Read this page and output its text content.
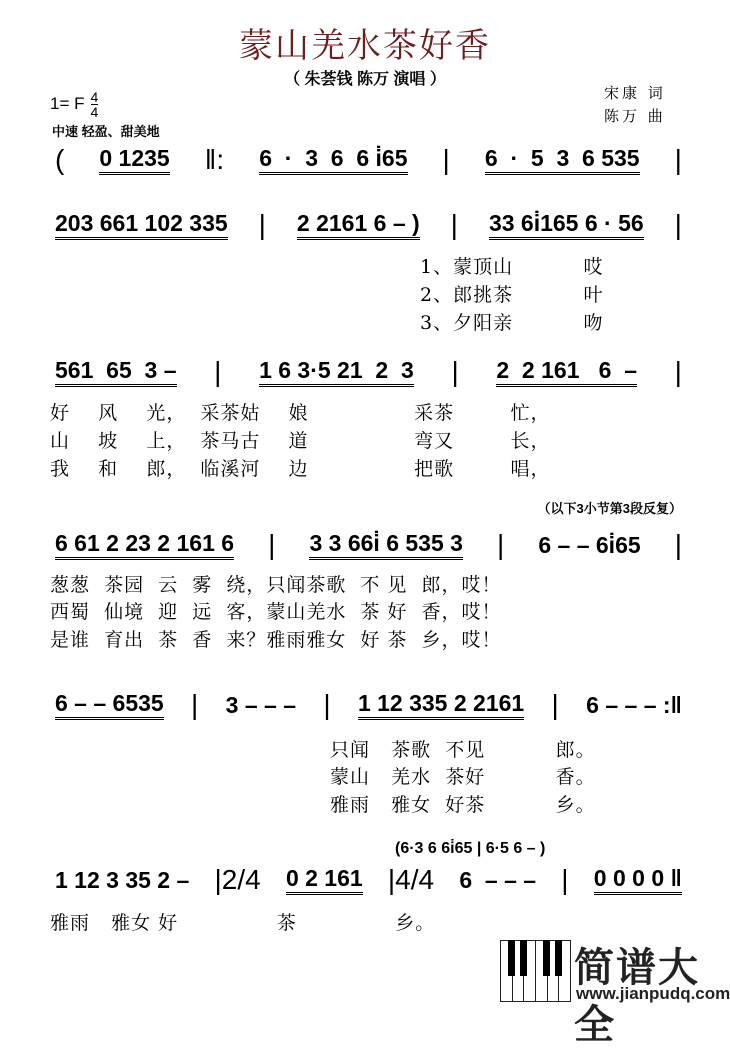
蒙山羌水茶好香
（ 朱荟钱 陈万 演唱 ）
1= F $\frac{4}{4}$
中速 轻盈、甜美地
宋康 词
陈万 曲
( 0 1235 ‖: 6  ·  3  6  6 i̇65 | 6  ·  5  3  6 535 |
203 661 102 335 | 2 2161 6 – ) | 33 6i̇165 6 · 56 |
1、蒙顶山          哎
2、郎挑茶          叶
3、夕阳亲          吻
561  65  3 – | 1 6 3·5 21  2  3 | 2  2 161   6  – |
好    风    光，  采茶姑    娘               采茶        忙，
山    坡    上，  茶马古    道               弯又        长，
我    和    郎，  临溪河    边               把歌        唱，
（以下3小节第3段反复）
6 61 2 23 2 161 6 | 3 3 66i̇ 6 535 3 | 6 – – 6i̇65 |
葱葱  茶园  云  雾  绕，只闻茶歌  不 见  郎，哎！
西蜀  仙境  迎  远  客，蒙山羌水  茶 好  香，哎！
是谁  育出  茶  香  来？雅雨雅女  好 茶  乡，哎！
6 – – 6535 | 3 – – – | 1 12 335 2 2161 | 6 – – – :‖
只闻   茶歌  不见          郎。
蒙山   羌水  茶好          香。
雅雨   雅女  好茶          乡。
(6·3 6 6i̇65 | 6·5 6 – )
1 12 3 35 2 – |2/4 0 2 161 |4/4 6  – – – | 0 0 0 0 ‖
雅雨   雅女 好              茶              乡。
简谱大全
www.jianpudq.com
